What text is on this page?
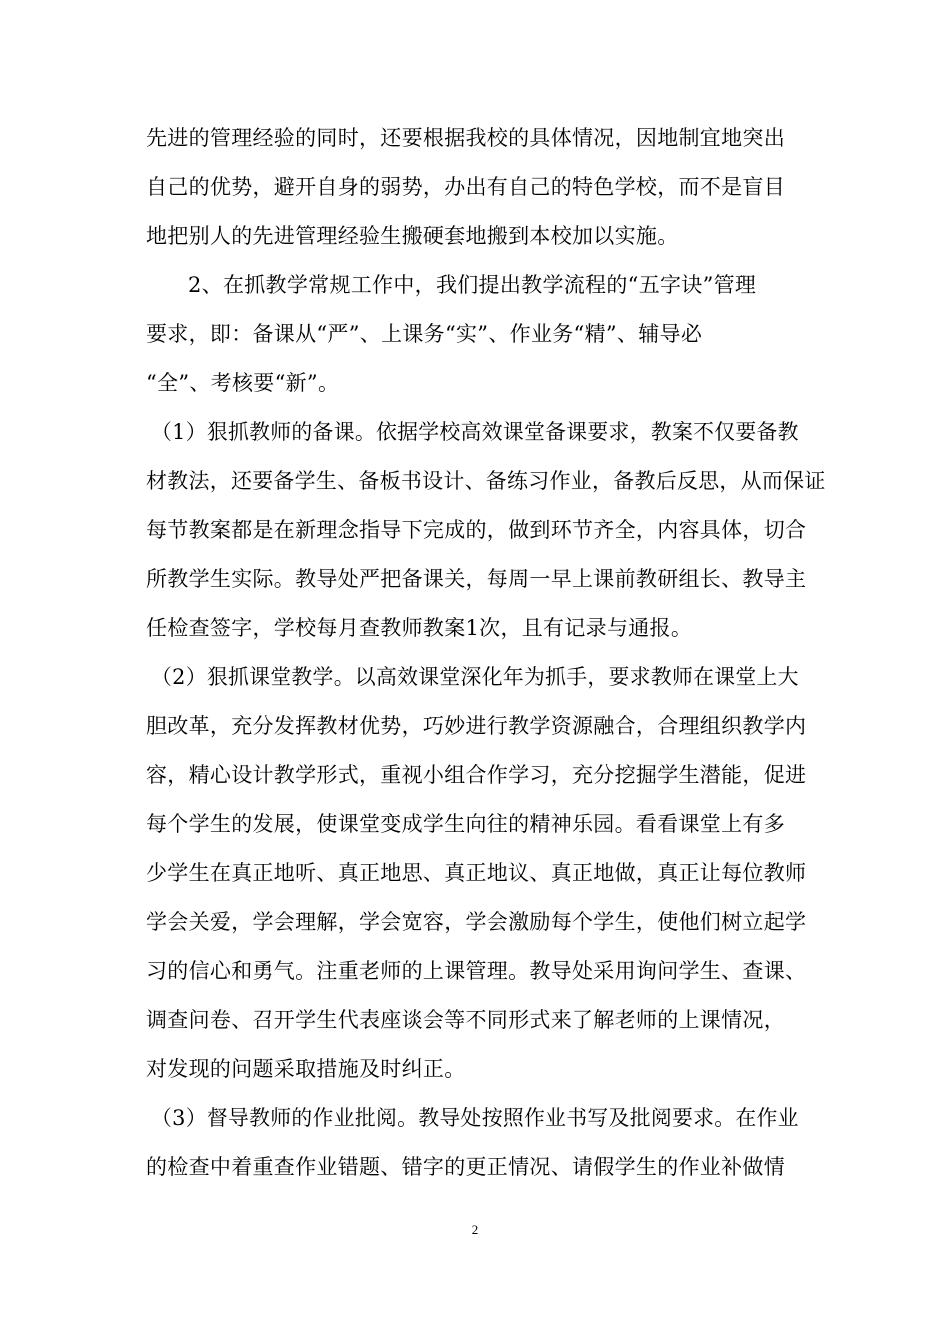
先进的管理经验的同时，还要根据我校的具体情况，因地制宜地突出
自己的优势，避开自身的弱势，办出有自己的特色学校，而不是盲目
地把别人的先进管理经验生搬硬套地搬到本校加以实施。
2、在抓教学常规工作中，我们提出教学流程的“五字诀”管理
要求，即：备课从“严”、上课务“实”、作业务“精”、辅导必
“全”、考核要“新”。
（1）狠抓教师的备课。依据学校高效课堂备课要求，教案不仅要备教
材教法，还要备学生、备板书设计、备练习作业，备教后反思，从而保证
每节教案都是在新理念指导下完成的，做到环节齐全，内容具体，切合
所教学生实际。教导处严把备课关，每周一早上课前教研组长、教导主
任检查签字，学校每月查教师教案1次，且有记录与通报。
（2）狠抓课堂教学。以高效课堂深化年为抓手，要求教师在课堂上大
胆改革，充分发挥教材优势，巧妙进行教学资源融合，合理组织教学内
容，精心设计教学形式，重视小组合作学习，充分挖掘学生潜能，促进
每个学生的发展，使课堂变成学生向往的精神乐园。看看课堂上有多
少学生在真正地听、真正地思、真正地议、真正地做，真正让每位教师
学会关爱，学会理解，学会宽容，学会激励每个学生，使他们树立起学
习的信心和勇气。注重老师的上课管理。教导处采用询问学生、查课、
调查问卷、召开学生代表座谈会等不同形式来了解老师的上课情况，
对发现的问题采取措施及时纠正。
（3）督导教师的作业批阅。教导处按照作业书写及批阅要求。在作业
的检查中着重查作业错题、错字的更正情况、请假学生的作业补做情
2
